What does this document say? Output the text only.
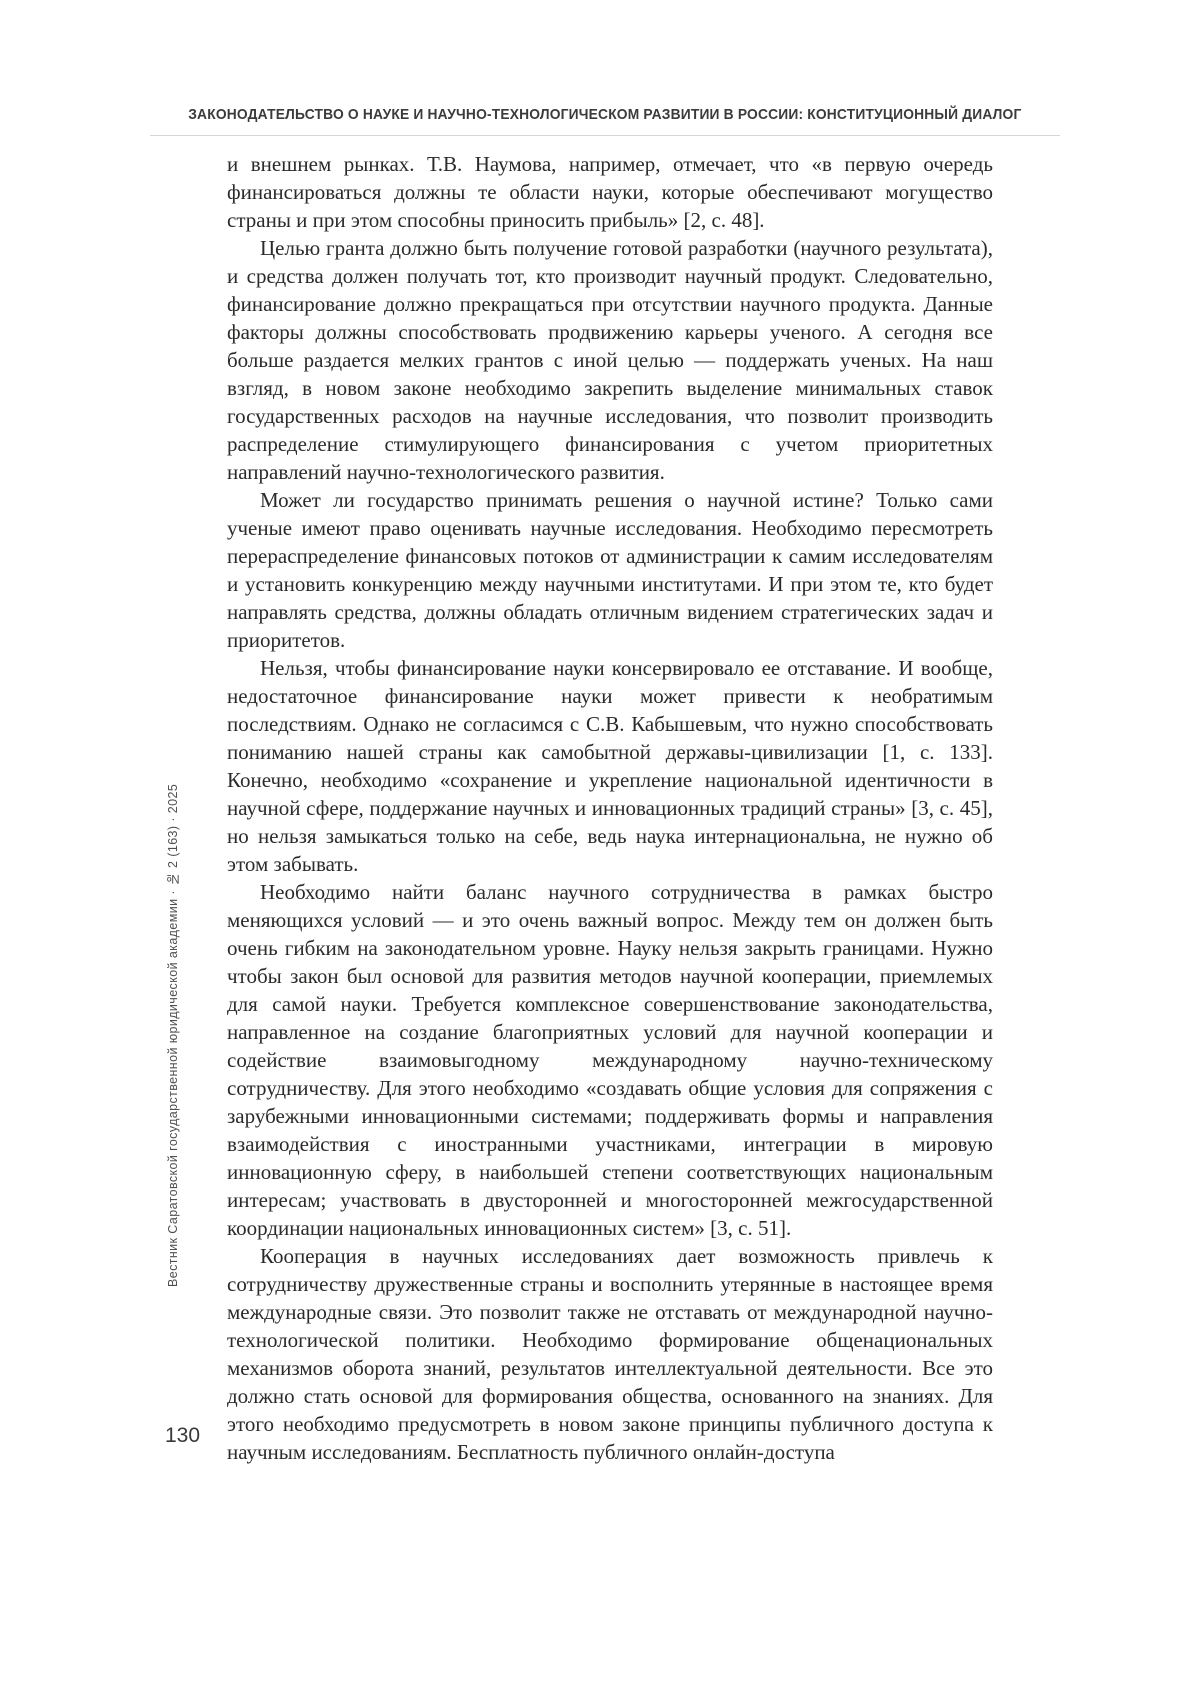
ЗАКОНОДАТЕЛЬСТВО О НАУКЕ И НАУЧНО-ТЕХНОЛОГИЧЕСКОМ РАЗВИТИИ В РОССИИ: КОНСТИТУЦИОННЫЙ ДИАЛОГ
Вестник Саратовской государственной юридической академии · № 2 (163) · 2025
130

и внешнем рынках. Т.В. Наумова, например, отмечает, что «в первую очередь финансироваться должны те области науки, которые обеспечивают могущество страны и при этом способны приносить прибыль» [2, с. 48].

Целью гранта должно быть получение готовой разработки (научного результата), и средства должен получать тот, кто производит научный продукт. Следовательно, финансирование должно прекращаться при отсутствии научного продукта. Данные факторы должны способствовать продвижению карьеры ученого. А сегодня все больше раздается мелких грантов с иной целью — поддержать ученых. На наш взгляд, в новом законе необходимо закрепить выделение минимальных ставок государственных расходов на научные исследования, что позволит производить распределение стимулирующего финансирования с учетом приоритетных направлений научно-технологического развития.

Может ли государство принимать решения о научной истине? Только сами ученые имеют право оценивать научные исследования. Необходимо пересмотреть перераспределение финансовых потоков от администрации к самим исследователям и установить конкуренцию между научными институтами. И при этом те, кто будет направлять средства, должны обладать отличным видением стратегических задач и приоритетов.

Нельзя, чтобы финансирование науки консервировало ее отставание. И вообще, недостаточное финансирование науки может привести к необратимым последствиям. Однако не согласимся с С.В. Кабышевым, что нужно способствовать пониманию нашей страны как самобытной державы-цивилизации [1, с. 133]. Конечно, необходимо «сохранение и укрепление национальной идентичности в научной сфере, поддержание научных и инновационных традиций страны» [3, с. 45], но нельзя замыкаться только на себе, ведь наука интернациональна, не нужно об этом забывать.

Необходимо найти баланс научного сотрудничества в рамках быстро меняющихся условий — и это очень важный вопрос. Между тем он должен быть очень гибким на законодательном уровне. Науку нельзя закрыть границами. Нужно чтобы закон был основой для развития методов научной кооперации, приемлемых для самой науки. Требуется комплексное совершенствование законодательства, направленное на создание благоприятных условий для научной кооперации и содействие взаимовыгодному международному научно-техническому сотрудничеству. Для этого необходимо «создавать общие условия для сопряжения с зарубежными инновационными системами; поддерживать формы и направления взаимодействия с иностранными участниками, интеграции в мировую инновационную сферу, в наибольшей степени соответствующих национальным интересам; участвовать в двусторонней и многосторонней межгосударственной координации национальных инновационных систем» [3, с. 51].

Кооперация в научных исследованиях дает возможность привлечь к сотрудничеству дружественные страны и восполнить утерянные в настоящее время международные связи. Это позволит также не отставать от международной научно-технологической политики. Необходимо формирование общенациональных механизмов оборота знаний, результатов интеллектуальной деятельности. Все это должно стать основой для формирования общества, основанного на знаниях. Для этого необходимо предусмотреть в новом законе принципы публичного доступа к научным исследованиям. Бесплатность публичного онлайн-доступа
